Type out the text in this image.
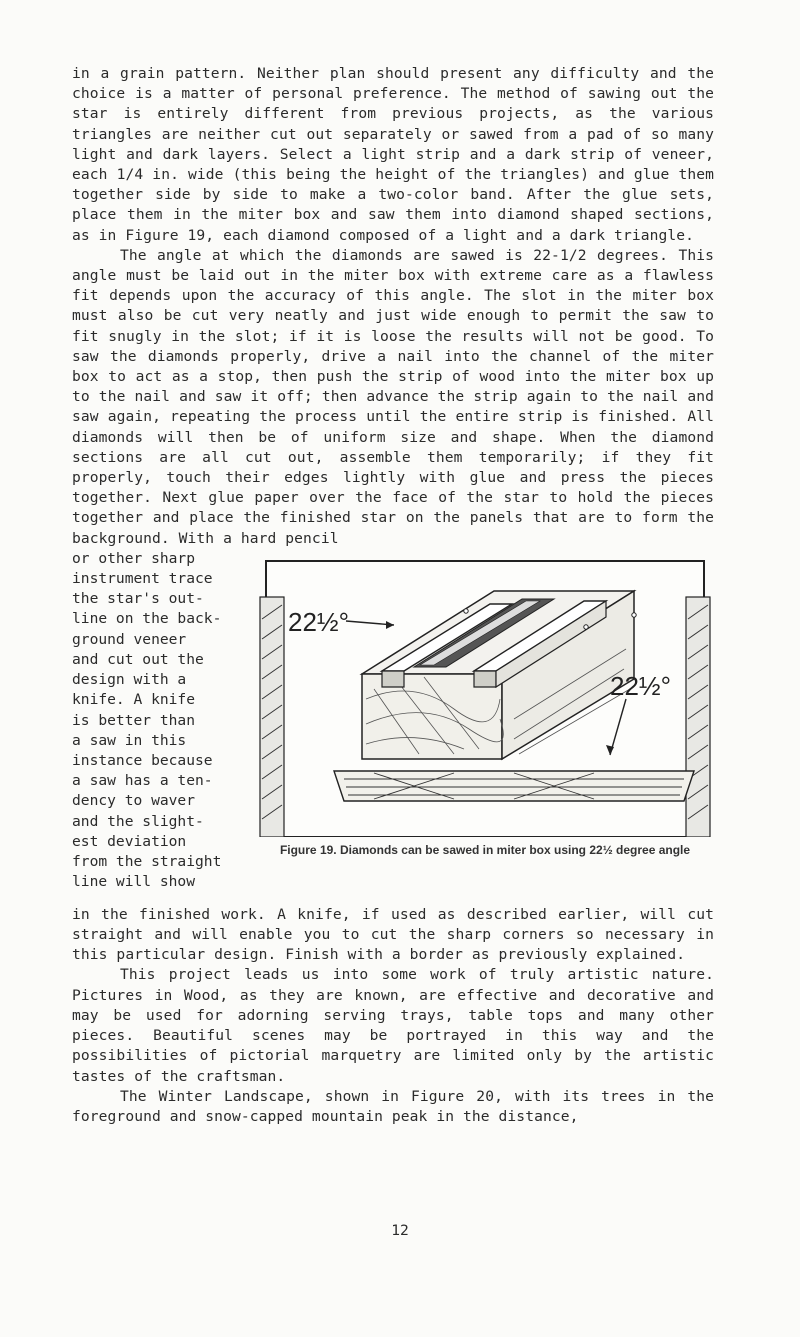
in a grain pattern. Neither plan should present any difficulty and the choice is a matter of personal preference. The method of sawing out the star is entirely different from previous projects, as the various triangles are neither cut out separately or sawed from a pad of so many light and dark layers. Select a light strip and a dark strip of veneer, each 1/4 in. wide (this being the height of the triangles) and glue them together side by side to make a two-color band. After the glue sets, place them in the miter box and saw them into diamond shaped sections, as in Figure 19, each diamond composed of a light and a dark triangle.

The angle at which the diamonds are sawed is 22-1/2 degrees. This angle must be laid out in the miter box with extreme care as a flawless fit depends upon the accuracy of this angle. The slot in the miter box must also be cut very neatly and just wide enough to permit the saw to fit snugly in the slot; if it is loose the results will not be good. To saw the diamonds properly, drive a nail into the channel of the miter box to act as a stop, then push the strip of wood into the miter box up to the nail and saw it off; then advance the strip again to the nail and saw again, repeating the process until the entire strip is finished. All diamonds will then be of uniform size and shape. When the diamond sections are all cut out, assemble them temporarily; if they fit properly, touch their edges lightly with glue and press the pieces together. Next glue paper over the face of the star to hold the pieces together and place the finished star on the panels that are to form the background. With a hard pencil

or other sharp
instrument trace
the star's out-
line on the back-
ground veneer
and cut out the
design with a
knife. A knife
is better than
a saw in this
instance because
a saw has a ten-
dency to waver
and the slight-
est deviation
from the straight
line will show
22½°
22½°
Figure 19. Diamonds can be sawed in miter box using 22½ degree angle

in the finished work. A knife, if used as described earlier, will cut straight and will enable you to cut the sharp corners so necessary in this particular design. Finish with a border as previously explained.

This project leads us into some work of truly artistic nature. Pictures in Wood, as they are known, are effective and decorative and may be used for adorning serving trays, table tops and many other pieces. Beautiful scenes may be portrayed in this way and the possibilities of pictorial marquetry are limited only by the artistic tastes of the craftsman.

The Winter Landscape, shown in Figure 20, with its trees in the foreground and snow-capped mountain peak in the distance,

12
